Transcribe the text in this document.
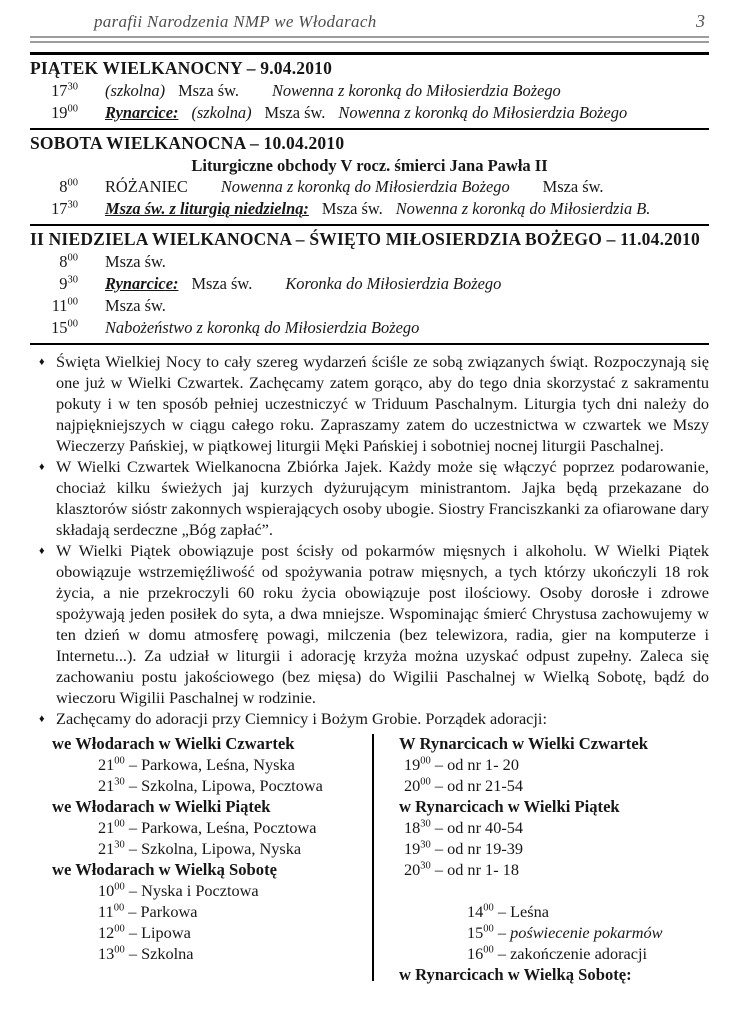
parafii Narodzenia NMP we Włodarach	3
PIĄTEK WIELKANOCNY – 9.04.2010
$17^{30}$ (szkolna) Msza św. Nowenna z koronką do Miłosierdzia Bożego
$19^{00}$ Rynarcice: (szkolna) Msza św. Nowenna z koronką do Miłosierdzia Bożego
SOBOTA WIELKANOCNA – 10.04.2010
Liturgiczne obchody V rocz. śmierci Jana Pawła II
$8^{00}$ RÓŻANIEC Nowenna z koronką do Miłosierdzia Bożego Msza św.
$17^{30}$ Msza św. z liturgią niedzielną: Msza św. Nowenna z koronką do Miłosierdzia B.
II NIEDZIELA WIELKANOCNA – ŚWIĘTO MIŁOSIERDZIA BOŻEGO – 11.04.2010
$8^{00}$ Msza św.
$9^{30}$ Rynarcice: Msza św. Koronka do Miłosierdzia Bożego
$11^{00}$ Msza św.
$15^{00}$ Nabożeństwo z koronką do Miłosierdzia Bożego
♦ Święta Wielkiej Nocy to cały szereg wydarzeń ściśle ze sobą związanych świąt. Rozpoczynają się one już w Wielki Czwartek. Zachęcamy zatem gorąco, aby do tego dnia skorzystać z sakramentu pokuty i w ten sposób pełniej uczestniczyć w Triduum Paschalnym. Liturgia tych dni należy do najpiękniejszych w ciągu całego roku. Zapraszamy zatem do uczestnictwa w czwartek we Mszy Wieczerzy Pańskiej, w piątkowej liturgii Męki Pańskiej i sobotniej nocnej liturgii Paschalnej.

♦ W Wielki Czwartek Wielkanocna Zbiórka Jajek. Każdy może się włączyć poprzez podarowanie, chociaż kilku świeżych jaj kurzych dyżurującym ministrantom. Jajka będą przekazane do klasztorów sióstr zakonnych wspierających osoby ubogie. Siostry Franciszkanki za ofiarowane dary składają serdeczne „Bóg zapłać”.

♦ W Wielki Piątek obowiązuje post ścisły od pokarmów mięsnych i alkoholu. W Wielki Piątek obowiązuje wstrzemięźliwość od spożywania potraw mięsnych, a tych którzy ukończyli 18 rok życia, a nie przekroczyli 60 roku życia obowiązuje post ilościowy. Osoby dorosłe i zdrowe spożywają jeden posiłek do syta, a dwa mniejsze. Wspominając śmierć Chrystusa zachowujemy w ten dzień w domu atmosferę powagi, milczenia (bez telewizora, radia, gier na komputerze i Internetu...). Za udział w liturgii i adorację krzyża można uzyskać odpust zupełny. Zaleca się zachowaniu postu jakościowego (bez mięsa) do Wigilii Paschalnej w Wielką Sobotę, bądź do wieczoru Wigilii Paschalnej w rodzinie.

♦ Zachęcamy do adoracji przy Ciemnicy i Bożym Grobie. Porządek adoracji:

we Włodarach w Wielki Czwartek
$21^{00}$ – Parkowa, Leśna, Nyska
$21^{30}$ – Szkolna, Lipowa, Pocztowa
we Włodarach w Wielki Piątek
$21^{00}$ – Parkowa, Leśna, Pocztowa
$21^{30}$ – Szkolna, Lipowa, Nyska
we Włodarach w Wielką Sobotę
$10^{00}$ – Nyska i Pocztowa
$11^{00}$ – Parkowa
$12^{00}$ – Lipowa
$13^{00}$ – Szkolna
W Rynarcicach w Wielki Czwartek
$19^{00}$ – od nr 1- 20
$20^{00}$ – od nr 21-54
w Rynarcicach w Wielki Piątek
$18^{30}$ – od nr 40-54
$19^{30}$ – od nr 19-39
$20^{30}$ – od nr 1- 18
$14^{00}$ – Leśna
$15^{00}$ – poświecenie pokarmów
$16^{00}$ – zakończenie adoracji
w Rynarcicach w Wielką Sobotę:
